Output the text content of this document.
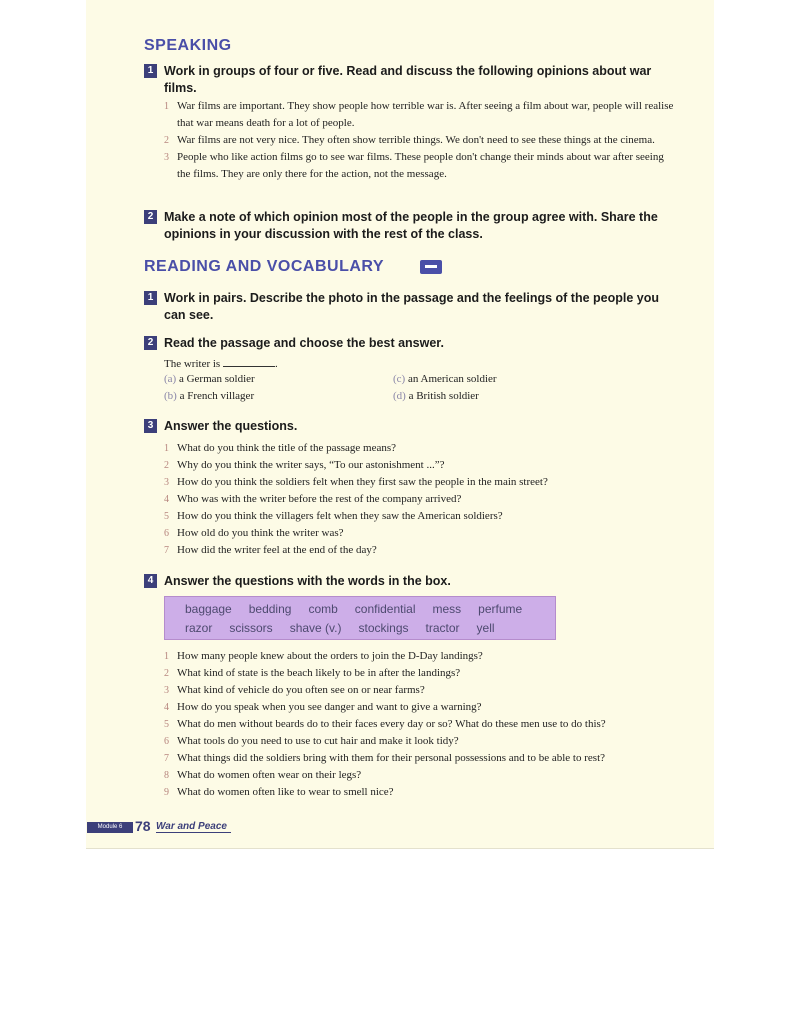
SPEAKING
1 Work in groups of four or five. Read and discuss the following opinions about war films.
1 War films are important. They show people how terrible war is. After seeing a film about war, people will realise that war means death for a lot of people.
2 War films are not very nice. They often show terrible things. We don't need to see these things at the cinema.
3 People who like action films go to see war films. These people don't change their minds about war after seeing the films. They are only there for the action, not the message.
2 Make a note of which opinion most of the people in the group agree with. Share the opinions in your discussion with the rest of the class.
READING AND VOCABULARY
1 Work in pairs. Describe the photo in the passage and the feelings of the people you can see.
2 Read the passage and choose the best answer.
The writer is	.
(a) a German soldier
(b) a French villager
(c) an American soldier
(d) a British soldier
3 Answer the questions.
1 What do you think the title of the passage means?
2 Why do you think the writer says, “To our astonishment ...”?
3 How do you think the soldiers felt when they first saw the people in the main street?
4 Who was with the writer before the rest of the company arrived?
5 How do you think the villagers felt when they saw the American soldiers?
6 How old do you think the writer was?
7 How did the writer feel at the end of the day?
4 Answer the questions with the words in the box.
baggage bedding comb confidential mess perfume
razor scissors shave (v.) stockings tractor yell
1 How many people knew about the orders to join the D-Day landings?
2 What kind of state is the beach likely to be in after the landings?
3 What kind of vehicle do you often see on or near farms?
4 How do you speak when you see danger and want to give a warning?
5 What do men without beards do to their faces every day or so? What do these men use to do this?
6 What tools do you need to use to cut hair and make it look tidy?
7 What things did the soldiers bring with them for their personal possessions and to be able to rest?
8 What do women often wear on their legs?
9 What do women often like to wear to smell nice?
Module 6 78 War and Peace
